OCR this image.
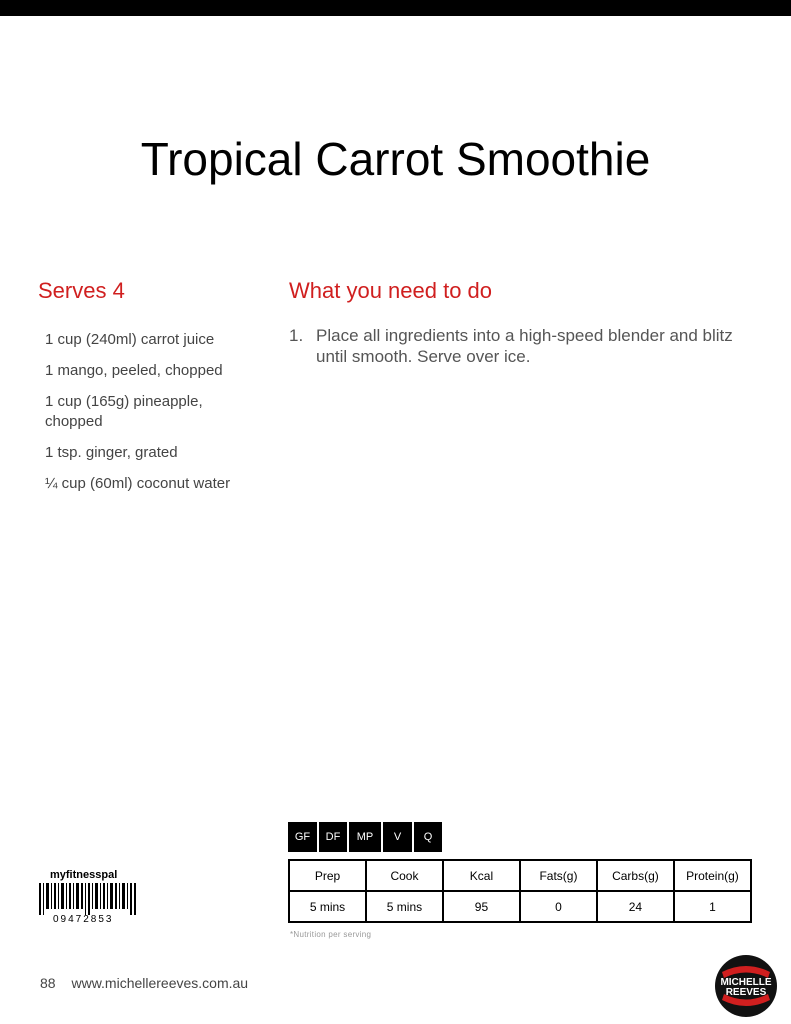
Tropical Carrot Smoothie
Serves 4	What you need to do
1 cup (240ml) carrot juice
1 mango, peeled, chopped
1 cup (165g) pineapple, chopped
1 tsp. ginger, grated
¼ cup (60ml) coconut water
1. Place all ingredients into a high-speed blender and blitz until smooth. Serve over ice.
GF	DF	MP	V	Q
Prep	Cook	Kcal	Fats(g)	Carbs(g)	Protein(g)
5 mins	5 mins	95	0	24	1
*Nutrition per serving
myfitnesspal
09472853
88 www.michellereeves.com.au	MICHELLE
REEVES
